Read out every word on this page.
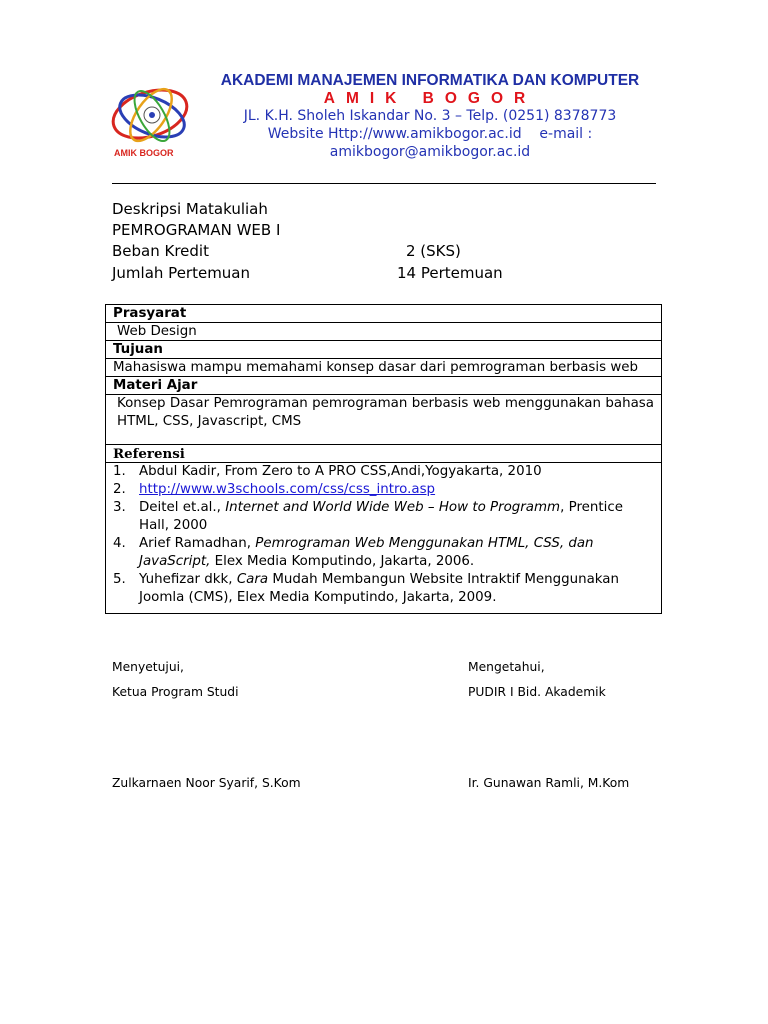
AMIK BOGOR
AKADEMI MANAJEMEN INFORMATIKA DAN KOMPUTER
AMIK BOGOR
JL. K.H. Sholeh Iskandar No. 3 – Telp. (0251) 8378773
Website Http://www.amikbogor.ac.id    e-mail :
amikbogor@amikbogor.ac.id
Deskripsi Matakuliah
PEMROGRAMAN WEB I
Beban Kredit	2 (SKS)
Jumlah Pertemuan	14 Pertemuan
Prasyarat
Web Design
Tujuan
Mahasiswa mampu memahami konsep dasar dari pemrograman berbasis web
Materi Ajar
Konsep Dasar Pemrograman pemrograman berbasis web menggunakan bahasa HTML, CSS, Javascript, CMS
Referensi
1. Abdul Kadir, From Zero to A PRO CSS,Andi,Yogyakarta, 2010
2. http://www.w3schools.com/css/css_intro.asp
3. Deitel et.al., Internet and World Wide Web – How to Programm, Prentice Hall, 2000
4. Arief Ramadhan, Pemrograman Web Menggunakan HTML, CSS, dan JavaScript, Elex Media Komputindo, Jakarta, 2006.
5. Yuhefizar dkk, Cara Mudah Membangun Website Intraktif Menggunakan Joomla (CMS), Elex Media Komputindo, Jakarta, 2009.
Menyetujui,
Ketua Program Studi
Zulkarnaen Noor Syarif, S.Kom
Mengetahui,
PUDIR I Bid. Akademik
Ir. Gunawan Ramli, M.Kom
